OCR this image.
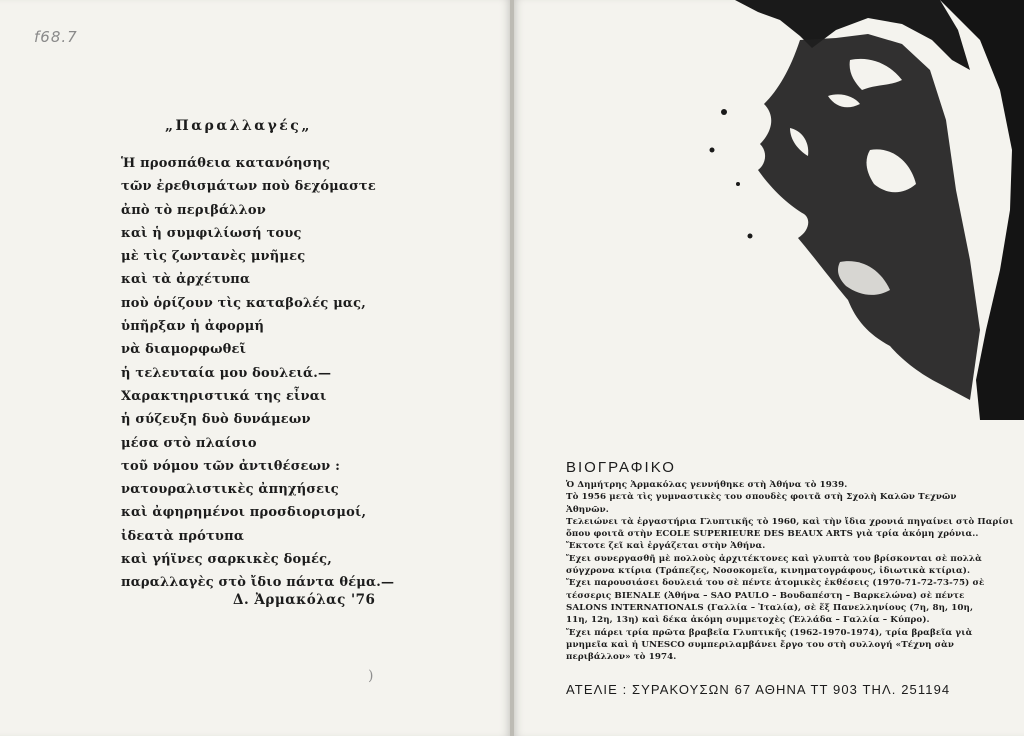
f68.7
„Παραλλαγές„
Ἡ προσπάθεια κατανόησης
τῶν ἐρεθισμάτων ποὺ δεχόμαστε
ἀπὸ τὸ περιβάλλον
καὶ ἡ συμφιλίωσή τους
μὲ τὶς ζωντανὲς μνῆμες
καὶ τὰ ἀρχέτυπα
ποὺ ὁρίζουν τὶς καταβολές μας,
ὑπῆρξαν ἡ ἀφορμή
νὰ διαμορφωθεῖ
ἡ τελευταία μου δουλειά.—
Χαρακτηριστικά της εἶναι
ἡ σύζευξη δυὸ δυνάμεων
μέσα στὸ πλαίσιο
τοῦ νόμου τῶν ἀντιθέσεων :
νατουραλιστικὲς ἀπηχήσεις
καὶ ἀφηρημένοι προσδιορισμοί,
ἰδεατὰ πρότυπα
καὶ γήϊνες σαρκικὲς δομές,
παραλλαγὲς στὸ ἴδιο πάντα θέμα.—
Δ. Ἀρμακόλας '76
)
ΒΙΟΓΡΑΦΙΚΟ
Ὁ Δημήτρης Ἀρμακόλας γεννήθηκε στὴ Ἀθήνα τὸ 1939.
Τὸ 1956 μετὰ τὶς γυμναστικὲς του σπουδὲς φοιτᾶ στὴ Σχολὴ Καλῶν Τεχνῶν
Ἀθηνῶν.
Τελειώνει τὰ ἐργαστήρια Γλυπτικῆς τὸ 1960, καὶ τὴν ἴδια χρονιά πηγαίνει στὸ Παρίσι
ὅπου φοιτᾶ στὴν ECOLE SUPERIEURE DES BEAUX ARTS γιὰ τρία ἀκόμη χρόνια..
Ἔκτοτε ζεῖ καὶ ἐργάζεται στὴν Ἀθήνα.
Ἔχει συνεργασθῆ μὲ πολλοὺς ἀρχιτέκτονες καὶ γλυπτὰ του βρίσκονται σὲ πολλὰ
σύγχρονα κτίρια (Τράπεζες, Νοσοκομεῖα, κινηματογράφους, ἰδιωτικὰ κτίρια).
Ἔχει παρουσιάσει δουλειά του σὲ πέντε ἀτομικὲς ἐκθέσεις (1970-71-72-73-75) σὲ
τέσσερις BIENALE (Ἀθήνα – SAO PAULO – Βουδαπέστη – Βαρκελώνα) σὲ πέντε
SALONS INTERNATIONALS (Γαλλία – Ἰταλία), σὲ ἕξ Πανελληνίους (7η, 8η, 10η,
11η, 12η, 13η) καὶ δέκα ἀκόμη συμμετοχὲς (Ἑλλάδα – Γαλλία – Κύπρο).
Ἔχει πάρει τρία πρῶτα βραβεῖα Γλυπτικῆς (1962-1970-1974), τρία βραβεῖα γιὰ
μνημεῖα καὶ ἡ UNESCO συμπεριλαμβάνει ἔργο του στὴ συλλογή «Τέχνη σὰν
περιβάλλον» τὸ 1974.
ΑΤΕΛΙΕ : ΣΥΡΑΚΟΥΣΩΝ 67 ΑΘΗΝΑ ΤΤ 903 ΤΗΛ. 251194
